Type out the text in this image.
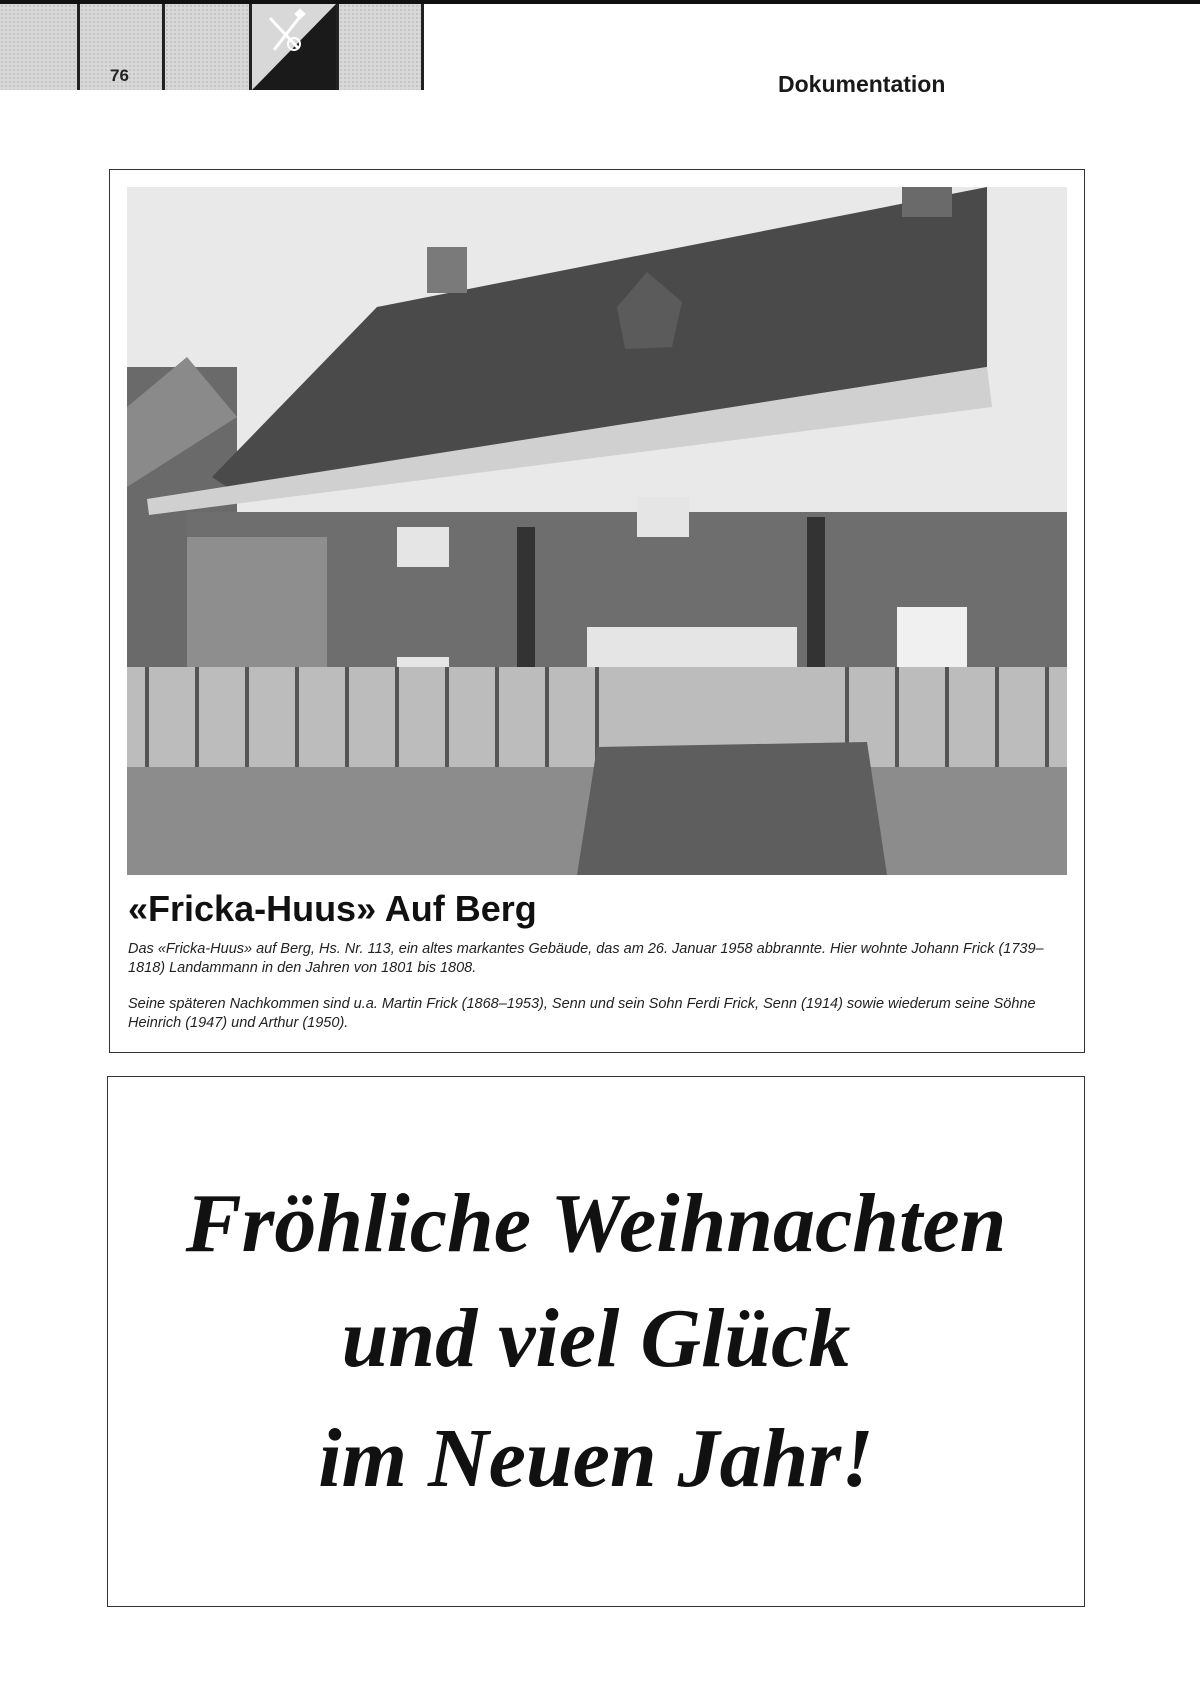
76	Dokumentation
«Fricka-Huus» Auf Berg

Das «Fricka-Huus» auf Berg, Hs. Nr. 113, ein altes markantes Gebäude, das am 26. Januar 1958 abbrannte. Hier wohnte Johann Frick (1739–1818) Landammann in den Jahren von 1801 bis 1808.

Seine späteren Nachkommen sind u.a. Martin Frick (1868–1953), Senn und sein Sohn Ferdi Frick, Senn (1914) sowie wiederum seine Söhne Heinrich (1947) und Arthur (1950).

Fröhliche Weihnachten
und viel Glück
im Neuen Jahr!
